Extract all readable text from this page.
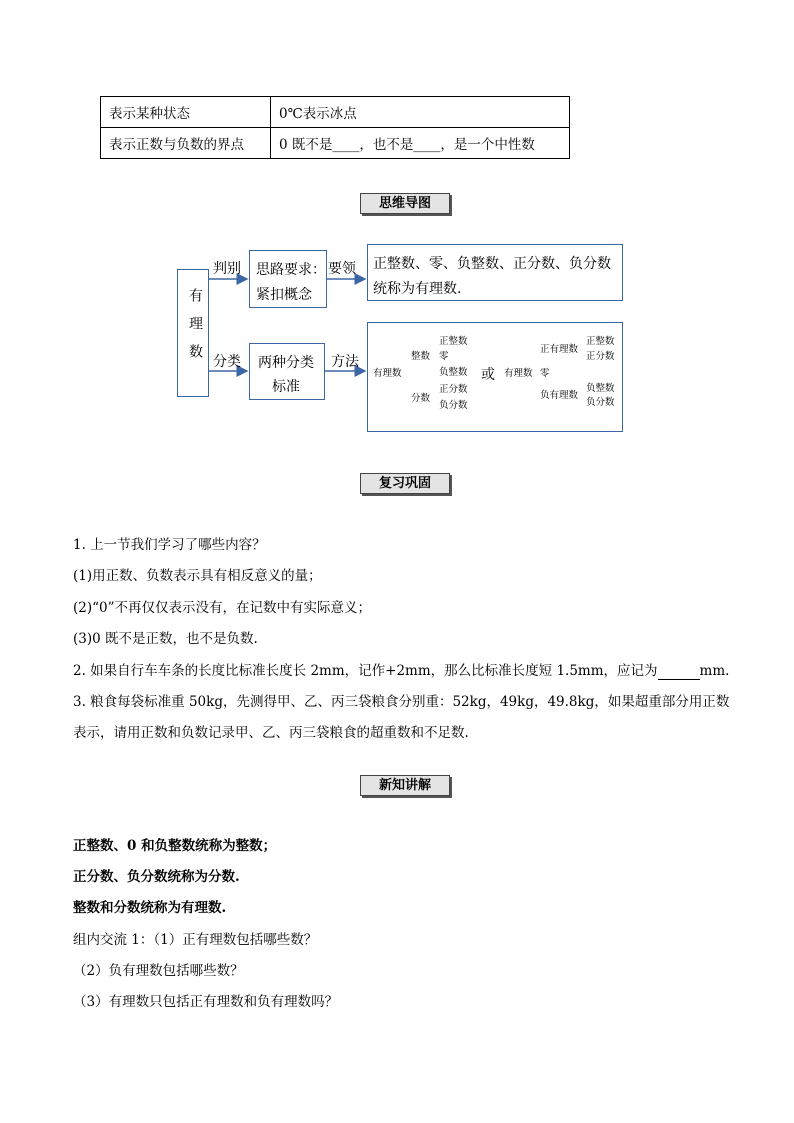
表示某种状态	0℃表示冰点
表示正数与负数的界点	0 既不是____，也不是____，是一个中性数
思维导图
有理数
判别
分类
思路要求：
紧扣概念
要领 正整数、零、负整数、正分数、负分数
统称为有理数.
两种分类
标准
方法
有理数
整数
正整数
零
负整数
分数
正分数
负分数
或 有理数
正有理数
正整数
正分数
零
负有理数
负整数
负分数
复习巩固
1. 上一节我们学习了哪些内容？
(1)用正数、负数表示具有相反意义的量；
(2)“0”不再仅仅表示没有，在记数中有实际意义；
(3)0 既不是正数，也不是负数.
2. 如果自行车车条的长度比标准长度长 2mm，记作+2mm，那么比标准长度短 1.5mm，应记为	mm.
3. 粮食每袋标准重 50kg，先测得甲、乙、丙三袋粮食分别重：52kg，49kg，49.8kg，如果超重部分用正数
表示，请用正数和负数记录甲、乙、丙三袋粮食的超重数和不足数.
新知讲解
正整数、0 和负整数统称为整数；
正分数、负分数统称为分数.
整数和分数统称为有理数.
组内交流 1：（1）正有理数包括哪些数？
（2）负有理数包括哪些数？
（3）有理数只包括正有理数和负有理数吗？
